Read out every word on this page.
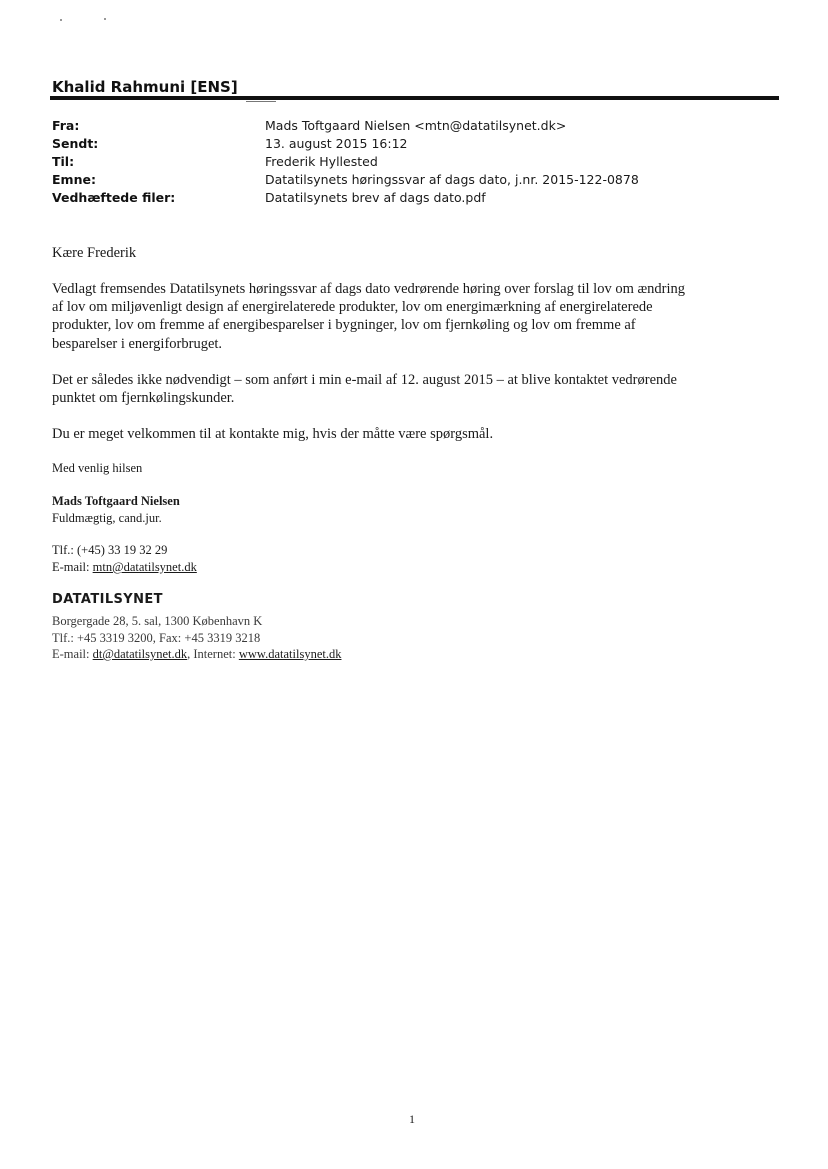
Khalid Rahmuni [ENS]
Fra:	Mads Toftgaard Nielsen <mtn@datatilsynet.dk>
Sendt:	13. august 2015 16:12
Til:	Frederik Hyllested
Emne:	Datatilsynets høringssvar af dags dato, j.nr. 2015-122-0878
Vedhæftede filer:	Datatilsynets brev af dags dato.pdf
Kære Frederik
Vedlagt fremsendes Datatilsynets høringssvar af dags dato vedrørende høring over forslag til lov om ændring
af lov om miljøvenligt design af energirelaterede produkter, lov om energimærkning af energirelaterede
produkter, lov om fremme af energibesparelser i bygninger, lov om fjernkøling og lov om fremme af
besparelser i energiforbruget.
Det er således ikke nødvendigt – som anført i min e-mail af 12. august 2015 – at blive kontaktet vedrørende
punktet om fjernkølingskunder.
Du er meget velkommen til at kontakte mig, hvis der måtte være spørgsmål.
Med venlig hilsen
Mads Toftgaard Nielsen
Fuldmægtig, cand.jur.
Tlf.: (+45) 33 19 32 29
E-mail: mtn@datatilsynet.dk
DATATILSYNET
Borgergade 28, 5. sal, 1300 København K
Tlf.: +45 3319 3200, Fax: +45 3319 3218
E-mail: dt@datatilsynet.dk, Internet: www.datatilsynet.dk
1
